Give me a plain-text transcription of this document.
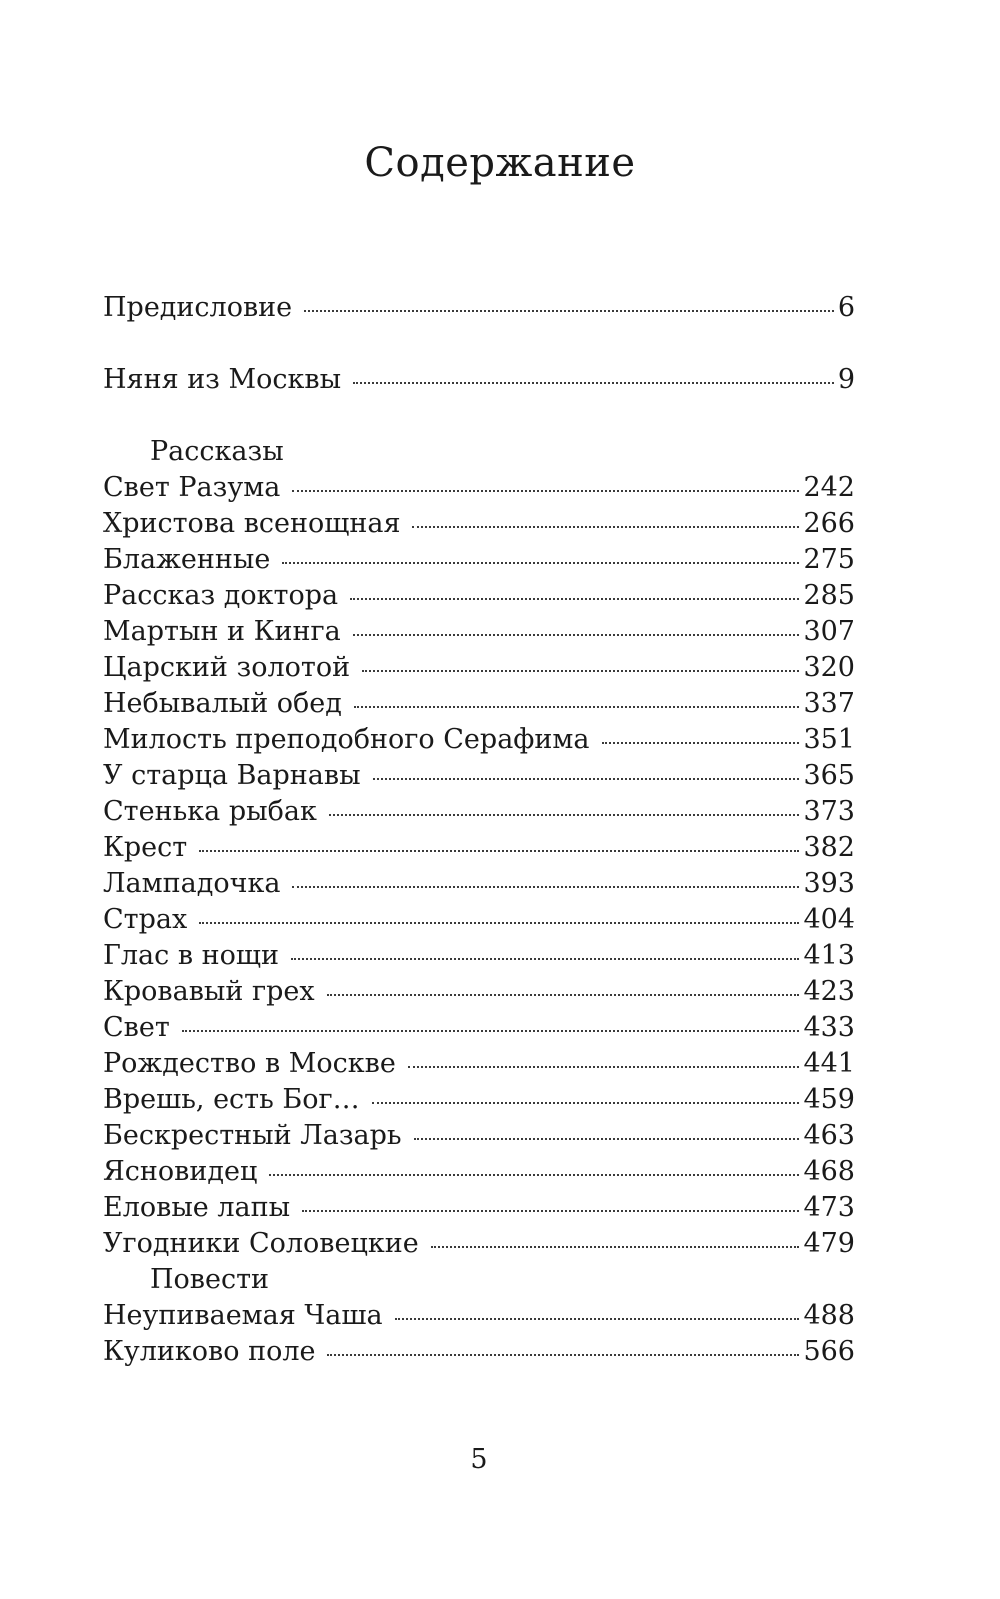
Содержание
Предисловие	6
Няня из Москвы	9
Рассказы
Свет Разума	242
Христова всенощная	266
Блаженные	275
Рассказ доктора	285
Мартын и Кинга	307
Царский золотой	320
Небывалый обед	337
Милость преподобного Серафима	351
У старца Варнавы	365
Стенька рыбак	373
Крест	382
Лампадочка	393
Страх	404
Глас в нощи	413
Кровавый грех	423
Свет	433
Рождество в Москве	441
Врешь, есть Бог…	459
Бескрестный Лазарь	463
Ясновидец	468
Еловые лапы	473
Угодники Соловецкие	479
Повести
Неупиваемая Чаша	488
Куликово поле	566
5
